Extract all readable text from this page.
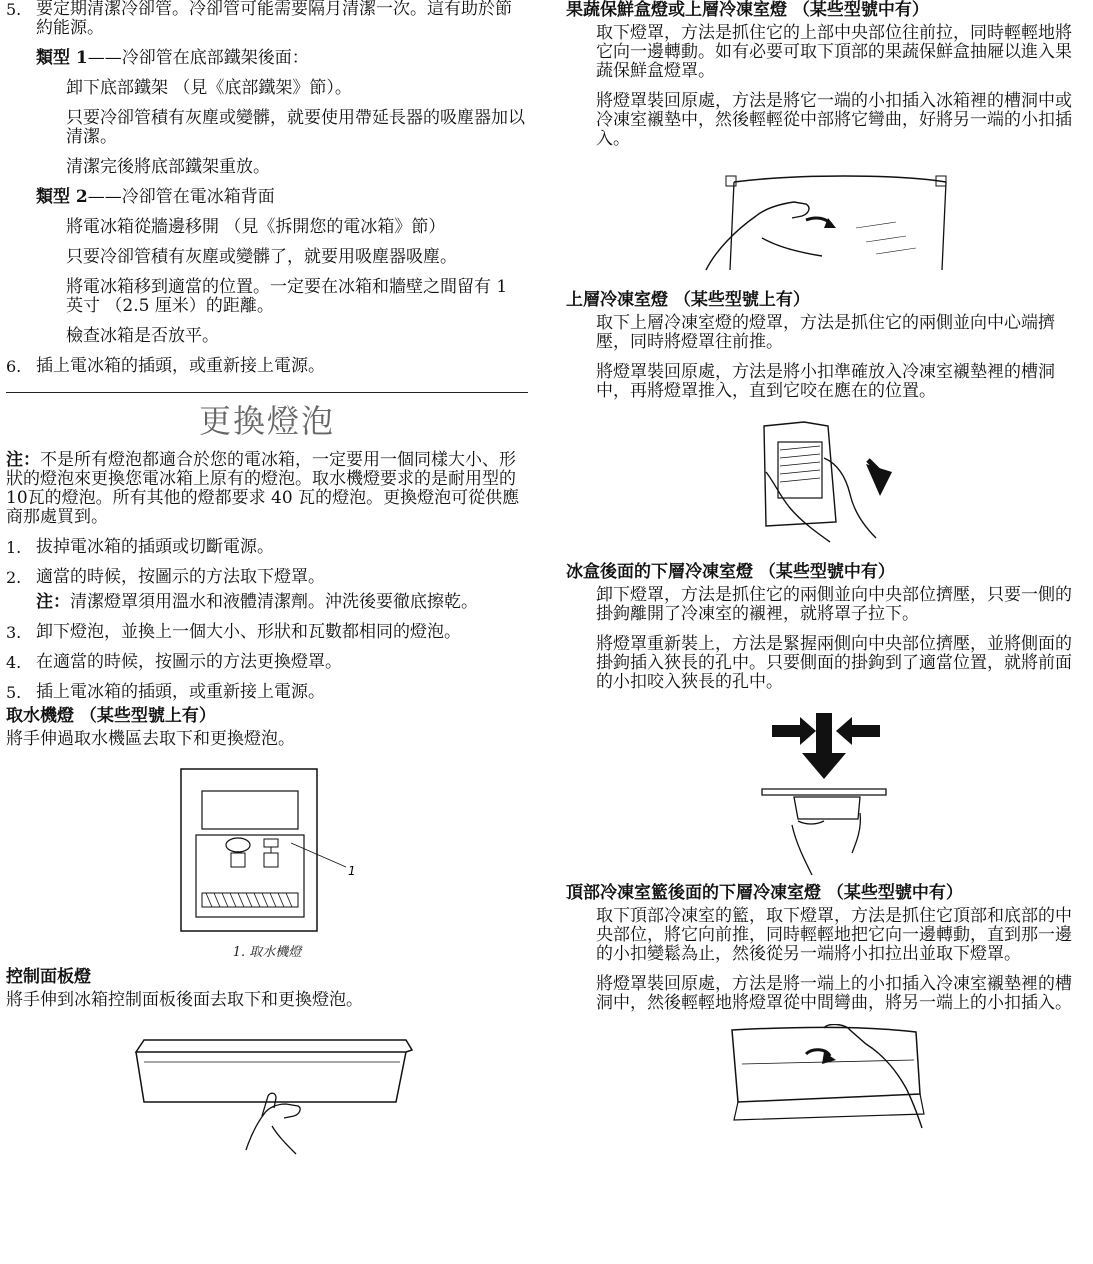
5. 要定期清潔冷卻管。冷卻管可能需要隔月清潔一次。這有助於節約能源。

類型 1——冷卻管在底部鐵架後面：

卸下底部鐵架 （見《底部鐵架》節）。

只要冷卻管積有灰塵或變髒，就要使用帶延長器的吸塵器加以清潔。

清潔完後將底部鐵架重放。

類型 2——冷卻管在電冰箱背面

將電冰箱從牆邊移開 （見《拆開您的電冰箱》節）

只要冷卻管積有灰塵或變髒了，就要用吸塵器吸塵。

將電冰箱移到適當的位置。一定要在冰箱和牆壁之間留有 1 英寸 （2.5 厘米）的距離。

檢查冰箱是否放平。

6. 插上電冰箱的插頭，或重新接上電源。

更換燈泡

注：不是所有燈泡都適合於您的電冰箱，一定要用一個同樣大小、形狀的燈泡來更換您電冰箱上原有的燈泡。取水機燈要求的是耐用型的 10瓦的燈泡。所有其他的燈都要求 40 瓦的燈泡。更換燈泡可從供應商那處買到。

1. 拔掉電冰箱的插頭或切斷電源。

2. 適當的時候，按圖示的方法取下燈罩。

注：清潔燈罩須用溫水和液體清潔劑。沖洗後要徹底擦乾。

3. 卸下燈泡，並換上一個大小、形狀和瓦數都相同的燈泡。

4. 在適當的時候，按圖示的方法更換燈罩。

5. 插上電冰箱的插頭，或重新接上電源。

取水機燈 （某些型號上有）

將手伸過取水機區去取下和更換燈泡。

1
1. 取水機燈
控制面板燈

將手伸到冰箱控制面板後面去取下和更換燈泡。

果蔬保鮮盒燈或上層冷凍室燈 （某些型號中有）

取下燈罩，方法是抓住它的上部中央部位往前拉，同時輕輕地將它向一邊轉動。如有必要可取下頂部的果蔬保鮮盒抽屜以進入果蔬保鮮盒燈罩。

將燈罩裝回原處，方法是將它一端的小扣插入冰箱裡的槽洞中或冷凍室襯墊中，然後輕輕從中部將它彎曲，好將另一端的小扣插入。

上層冷凍室燈 （某些型號上有）

取下上層冷凍室燈的燈罩，方法是抓住它的兩側並向中心端擠壓，同時將燈罩往前推。

將燈罩裝回原處，方法是將小扣準確放入冷凍室襯墊裡的槽洞中，再將燈罩推入，直到它咬在應在的位置。

冰盒後面的下層冷凍室燈 （某些型號中有）

卸下燈罩，方法是抓住它的兩側並向中央部位擠壓，只要一側的掛鉤離開了冷凍室的襯裡，就將罩子拉下。

將燈罩重新裝上，方法是緊握兩側向中央部位擠壓，並將側面的掛鉤插入狹長的孔中。只要側面的掛鉤到了適當位置，就將前面的小扣咬入狹長的孔中。

頂部冷凍室籃後面的下層冷凍室燈 （某些型號中有）

取下頂部冷凍室的籃，取下燈罩，方法是抓住它頂部和底部的中央部位，將它向前推，同時輕輕地把它向一邊轉動，直到那一邊的小扣變鬆為止，然後從另一端將小扣拉出並取下燈罩。

將燈罩裝回原處，方法是將一端上的小扣插入冷凍室襯墊裡的槽洞中，然後輕輕地將燈罩從中間彎曲，將另一端上的小扣插入。
